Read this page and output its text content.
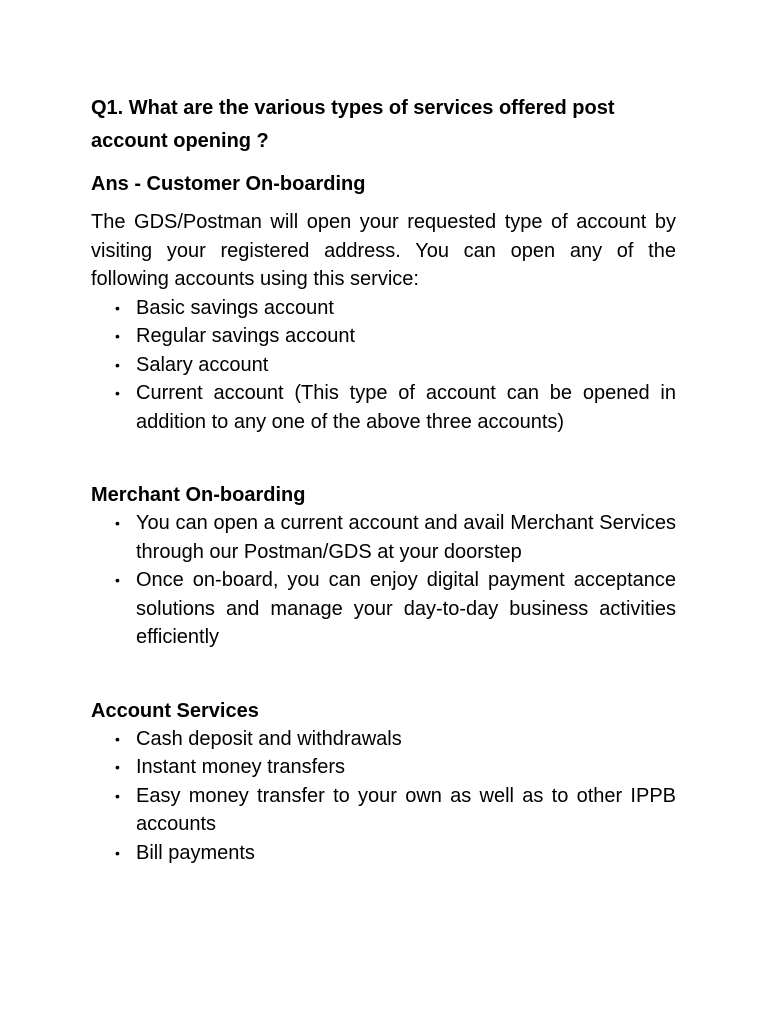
Q1. What are the various types of services offered post account opening ?

Ans - Customer On-boarding

The GDS/Postman will open your requested type of account by visiting your registered address. You can open any of the following accounts using this service:

• Basic savings account
• Regular savings account
• Salary account
• Current account (This type of account can be opened in addition to any one of the above three accounts)

Merchant On-boarding

• You can open a current account and avail Merchant Services through our Postman/GDS at your doorstep
• Once on-board, you can enjoy digital payment acceptance solutions and manage your day-to-day business activities efficiently

Account Services

• Cash deposit and withdrawals
• Instant money transfers
• Easy money transfer to your own as well as to other IPPB accounts
• Bill payments
